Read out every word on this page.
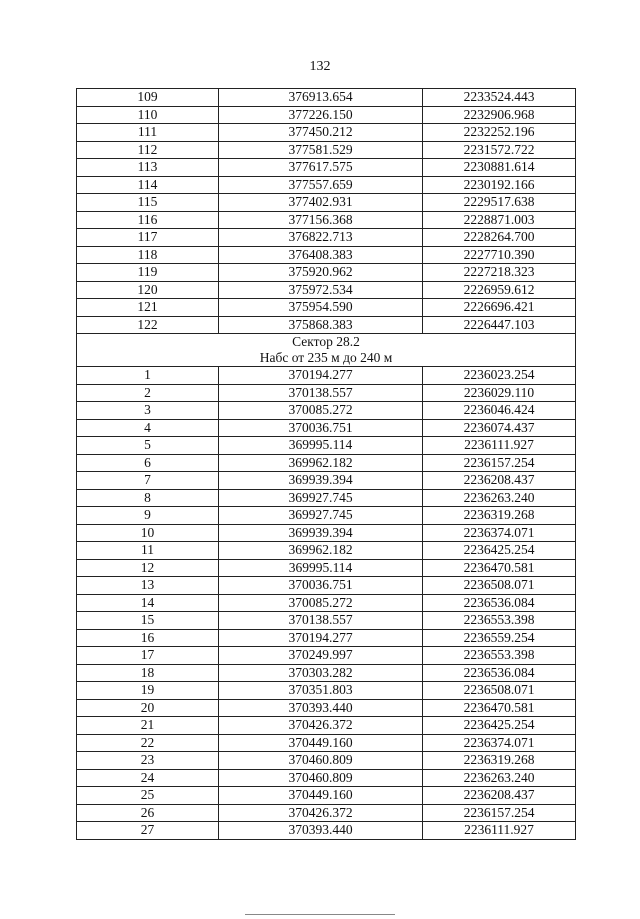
132
109	376913.654	2233524.443
110	377226.150	2232906.968
111	377450.212	2232252.196
112	377581.529	2231572.722
113	377617.575	2230881.614
114	377557.659	2230192.166
115	377402.931	2229517.638
116	377156.368	2228871.003
117	376822.713	2228264.700
118	376408.383	2227710.390
119	375920.962	2227218.323
120	375972.534	2226959.612
121	375954.590	2226696.421
122	375868.383	2226447.103

Сектор 28.2
Набс от 235 м до 240 м		

1	370194.277	2236023.254
2	370138.557	2236029.110
3	370085.272	2236046.424
4	370036.751	2236074.437
5	369995.114	2236111.927
6	369962.182	2236157.254
7	369939.394	2236208.437
8	369927.745	2236263.240
9	369927.745	2236319.268
10	369939.394	2236374.071
11	369962.182	2236425.254
12	369995.114	2236470.581
13	370036.751	2236508.071
14	370085.272	2236536.084
15	370138.557	2236553.398
16	370194.277	2236559.254
17	370249.997	2236553.398
18	370303.282	2236536.084
19	370351.803	2236508.071
20	370393.440	2236470.581
21	370426.372	2236425.254
22	370449.160	2236374.071
23	370460.809	2236319.268
24	370460.809	2236263.240
25	370449.160	2236208.437
26	370426.372	2236157.254
27	370393.440	2236111.927
